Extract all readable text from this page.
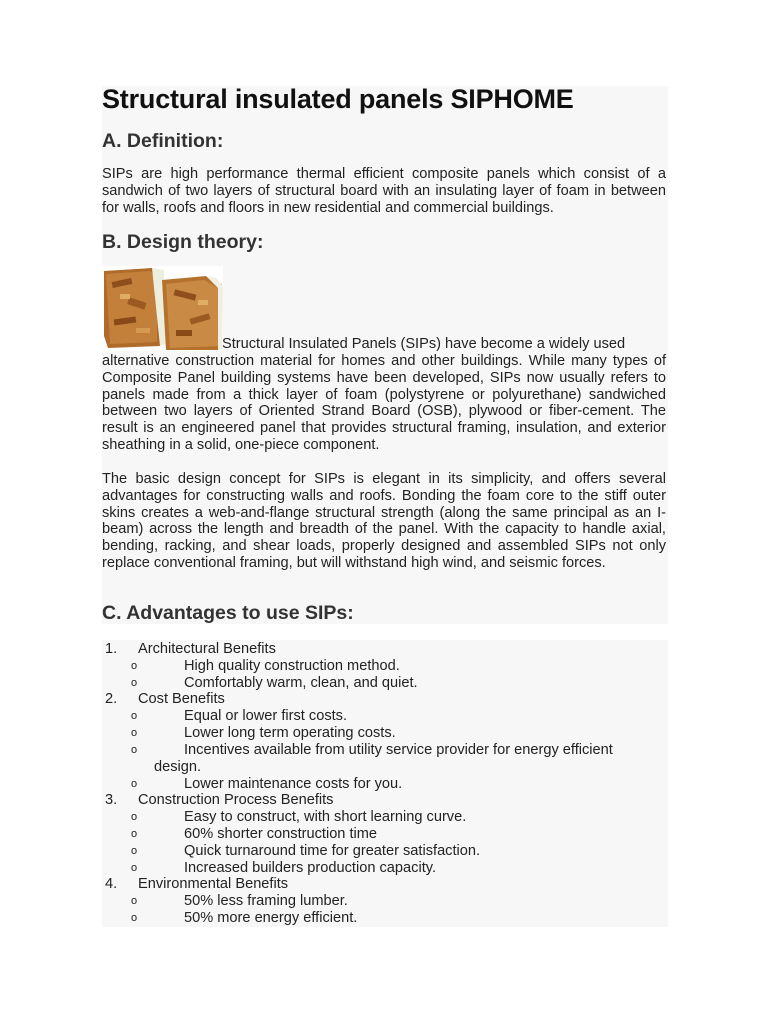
Structural insulated panels SIPHOME
A. Definition:

SIPs are high performance thermal efficient composite panels which consist of a sandwich of two layers of structural board with an insulating layer of foam in between for walls, roofs and floors in new residential and commercial buildings.

B. Design theory:

Structural Insulated Panels (SIPs) have become a widely used

alternative construction material for homes and other buildings. While many types of Composite Panel building systems have been developed, SIPs now usually refers to panels made from a thick layer of foam (polystyrene or polyurethane) sandwiched between two layers of Oriented Strand Board (OSB), plywood or fiber-cement. The result is an engineered panel that provides structural framing, insulation, and exterior sheathing in a solid, one-piece component.

The basic design concept for SIPs is elegant in its simplicity, and offers several advantages for constructing walls and roofs. Bonding the foam core to the stiff outer skins creates a web-and-flange structural strength (along the same principal as an I-beam) across the length and breadth of the panel. With the capacity to handle axial, bending, racking, and shear loads, properly designed and assembled SIPs not only replace conventional framing, but will withstand high wind, and seismic forces.

C. Advantages to use SIPs:
1. Architectural Benefits
o	High quality construction method.
o	Comfortably warm, clean, and quiet.
2. Cost Benefits
o	Equal or lower first costs.
o	Lower long term operating costs.
o	Incentives available from utility service provider for energy efficient
design.
o	Lower maintenance costs for you.
3. Construction Process Benefits
o	Easy to construct, with short learning curve.
o	60% shorter construction time
o	Quick turnaround time for greater satisfaction.
o	Increased builders production capacity.
4. Environmental Benefits
o	50% less framing lumber.
o	50% more energy efficient.
